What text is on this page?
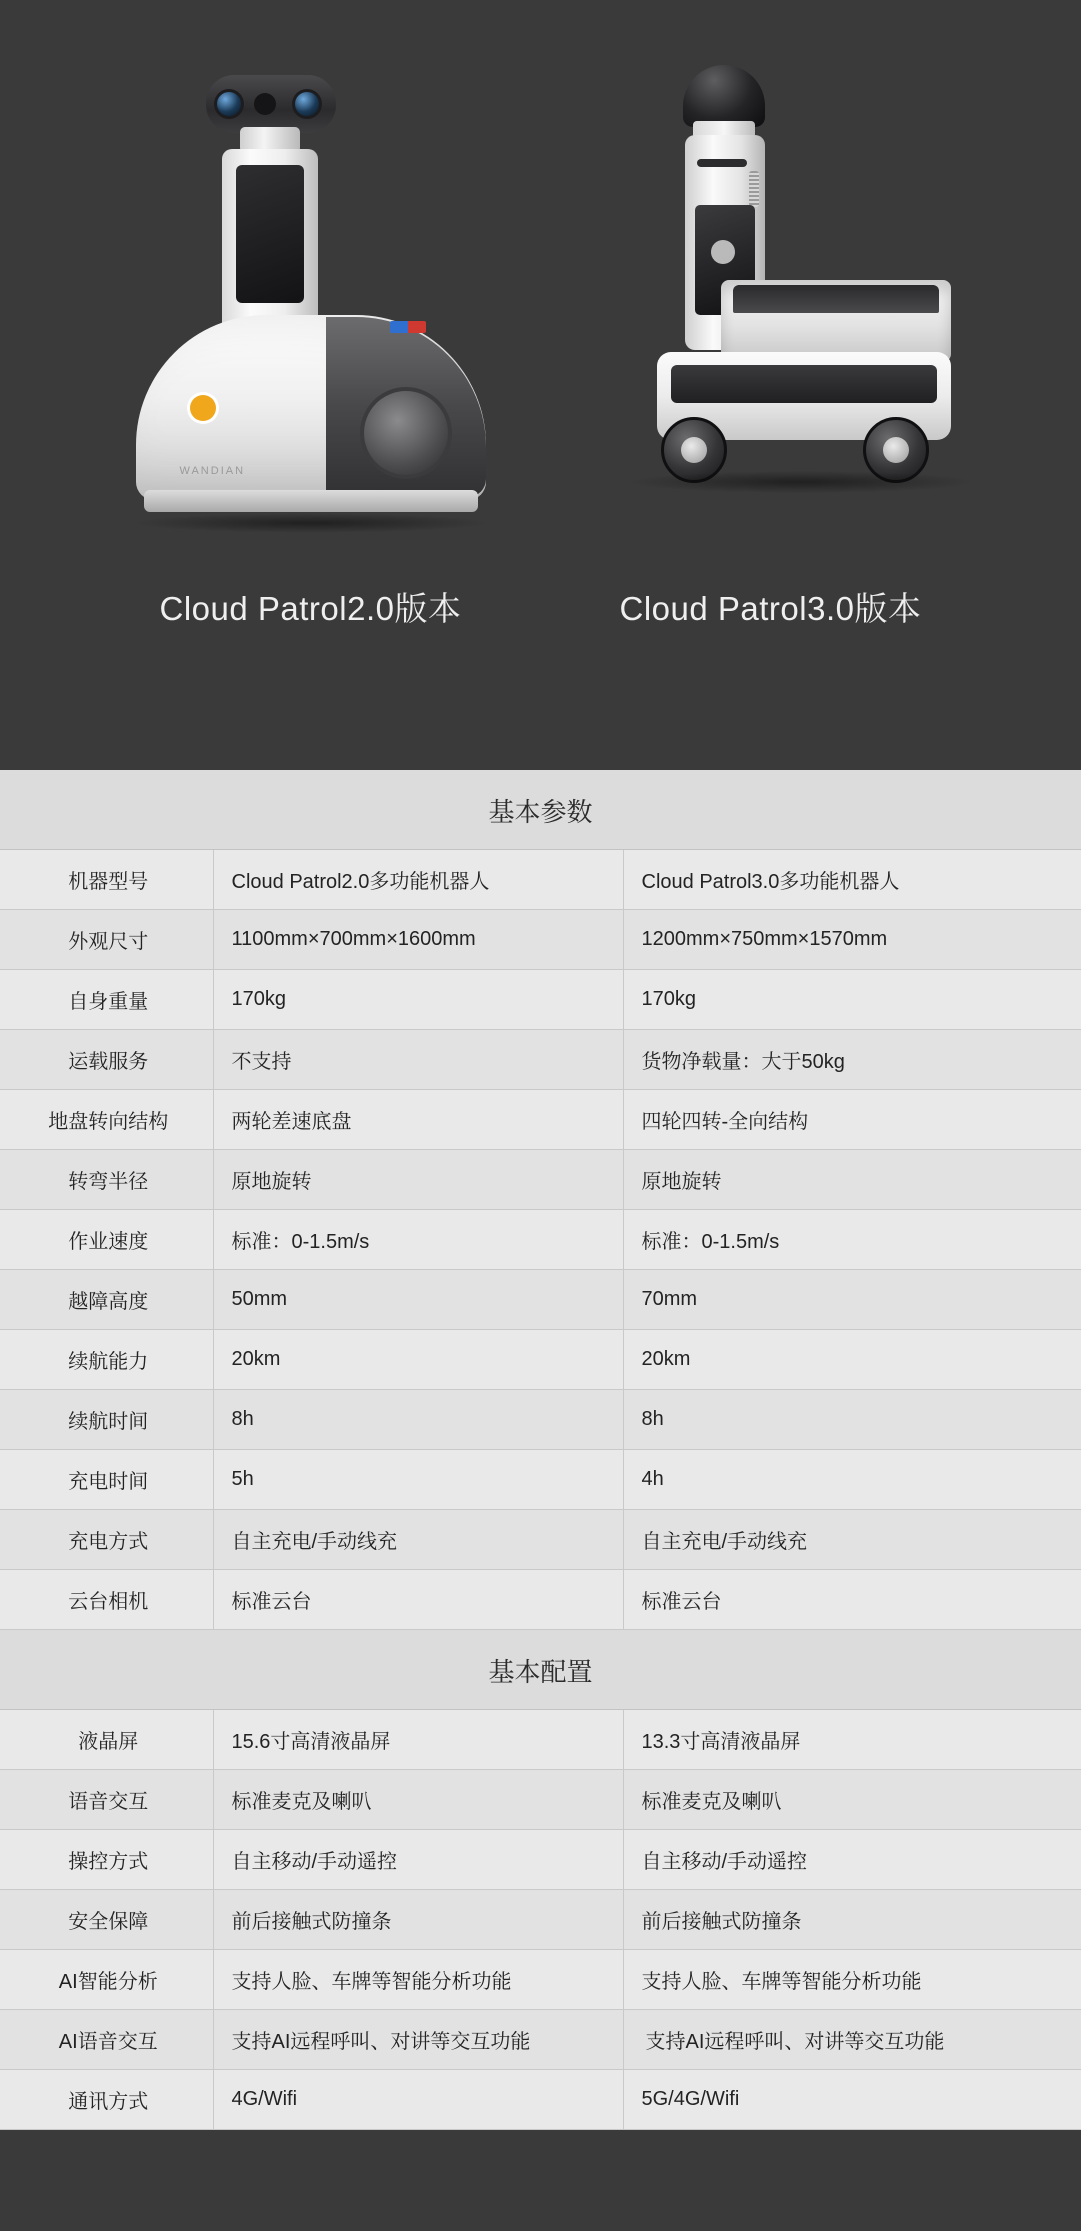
WANDIAN
Cloud Patrol2.0版本	Cloud Patrol3.0版本
基本参数
机器型号	Cloud Patrol2.0多功能机器人	Cloud Patrol3.0多功能机器人
外观尺寸	1100mm×700mm×1600mm	1200mm×750mm×1570mm
自身重量	170kg	170kg
运载服务	不支持	货物净载量：大于50kg
地盘转向结构	两轮差速底盘	四轮四转-全向结构
转弯半径	原地旋转	原地旋转
作业速度	标准：0-1.5m/s	标准：0-1.5m/s
越障高度	50mm	70mm
续航能力	20km	20km
续航时间	8h	8h
充电时间	5h	4h
充电方式	自主充电/手动线充	自主充电/手动线充
云台相机	标准云台	标准云台
基本配置
液晶屏	15.6寸高清液晶屏	13.3寸高清液晶屏
语音交互	标准麦克及喇叭	标准麦克及喇叭
操控方式	自主移动/手动遥控	自主移动/手动遥控
安全保障	前后接触式防撞条	前后接触式防撞条
AI智能分析	支持人脸、车牌等智能分析功能	支持人脸、车牌等智能分析功能
AI语音交互	支持AI远程呼叫、对讲等交互功能	支持AI远程呼叫、对讲等交互功能
通讯方式	4G/Wifi	5G/4G/Wifi
